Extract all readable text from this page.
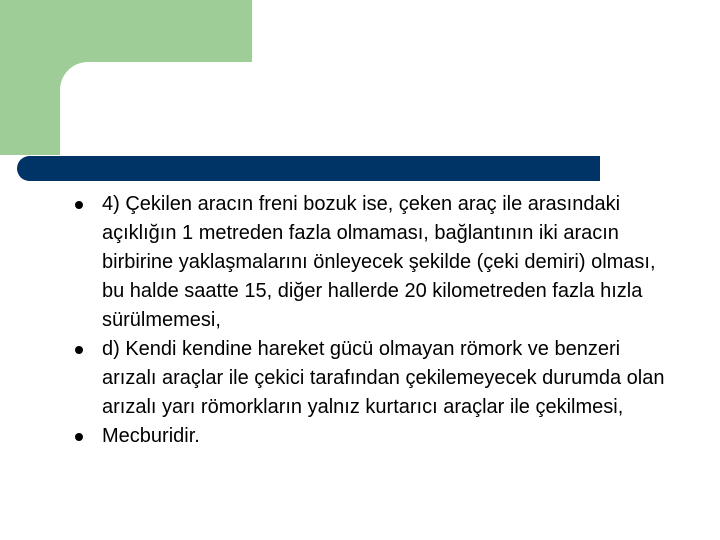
4) Çekilen aracın freni bozuk ise, çeken araç ile arasındaki açıklığın 1 metreden fazla olmaması, bağlantının iki aracın birbirine yaklaşmalarını önleyecek şekilde (çeki demiri) olması, bu halde saatte 15, diğer hallerde 20 kilometreden fazla hızla sürülmemesi,
d) Kendi kendine hareket gücü olmayan römork ve benzeri arızalı araçlar ile çekici tarafından çekilemeyecek durumda olan arızalı yarı römorkların yalnız kurtarıcı araçlar ile çekilmesi,
Mecburidir.
